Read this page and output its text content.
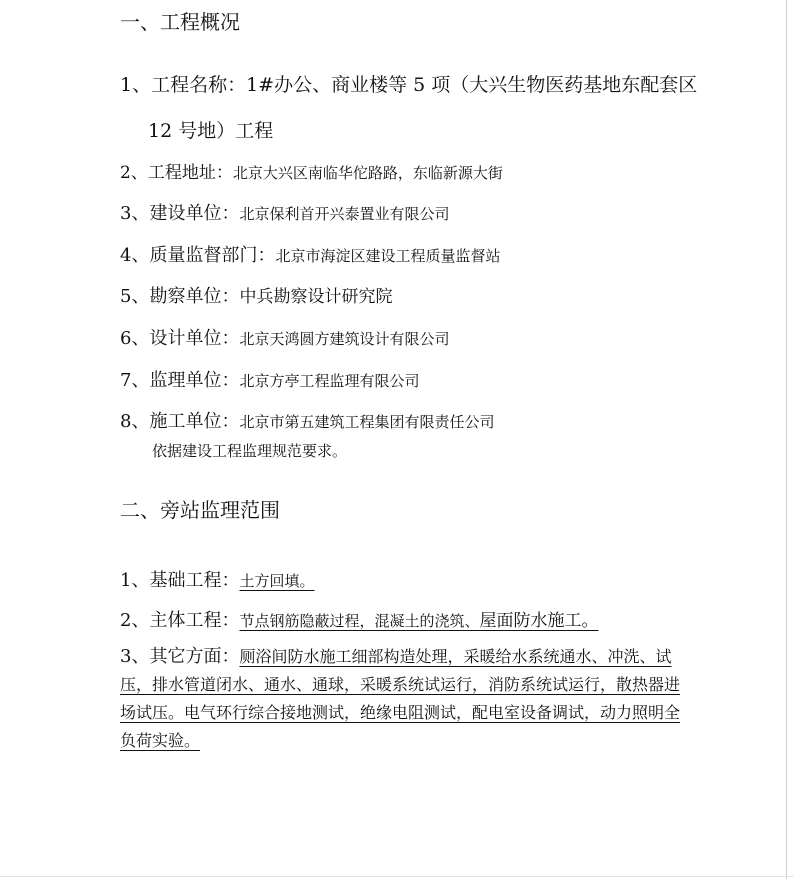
一、工程概况
1、工程名称：1#办公、商业楼等 5 项（大兴生物医药基地东配套区
12 号地）工程
2、工程地址：北京大兴区南临华佗路路，东临新源大街
3、建设单位：北京保利首开兴泰置业有限公司
4、质量监督部门：北京市海淀区建设工程质量监督站
5、勘察单位：中兵勘察设计研究院
6、设计单位：北京天鸿圆方建筑设计有限公司
7、监理单位：北京方亭工程监理有限公司
8、施工单位：北京市第五建筑工程集团有限责任公司
依据建设工程监理规范要求。
二、旁站监理范围
1、基础工程：土方回填。
2、主体工程：节点钢筋隐蔽过程，混凝土的浇筑、屋面防水施工。
3、其它方面：厕浴间防水施工细部构造处理，采暖给水系统通水、冲洗、试
压，排水管道闭水、通水、通球，采暖系统试运行，消防系统试运行，散热器进
场试压。电气环行综合接地测试，绝缘电阻测试，配电室设备调试，动力照明全
负荷实验。
